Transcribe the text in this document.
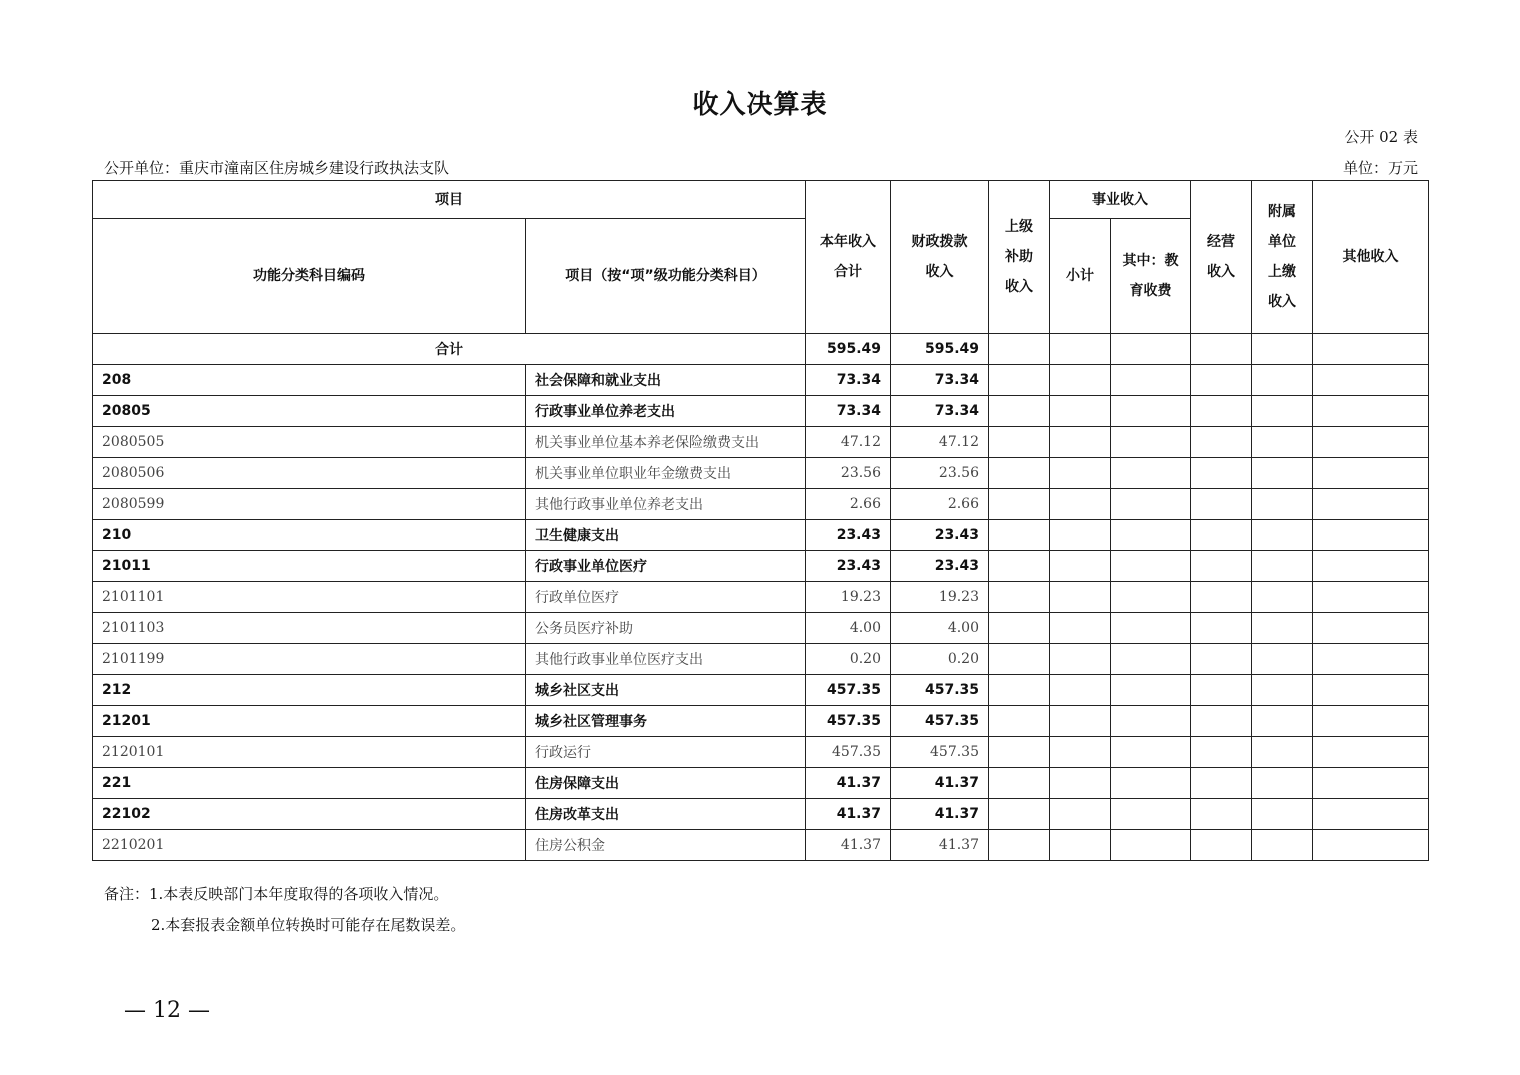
收入决算表
公开 02 表
公开单位：重庆市潼南区住房城乡建设行政执法支队	单位：万元
项目		本年收入合计	财政拨款收入	上级补助收入	事业收入		经营收入	附属单位上缴收入	其他收入
功能分类科目编码	项目（按“项”级功能分类科目）				小计	其中：教育收费			

合计		595.49	595.49						
208	社会保障和就业支出	73.34	73.34						
20805	行政事业单位养老支出	73.34	73.34						
2080505	机关事业单位基本养老保险缴费支出	47.12	47.12						
2080506	机关事业单位职业年金缴费支出	23.56	23.56						
2080599	其他行政事业单位养老支出	2.66	2.66						
210	卫生健康支出	23.43	23.43						
21011	行政事业单位医疗	23.43	23.43						
2101101	行政单位医疗	19.23	19.23						
2101103	公务员医疗补助	4.00	4.00						
2101199	其他行政事业单位医疗支出	0.20	0.20						
212	城乡社区支出	457.35	457.35						
21201	城乡社区管理事务	457.35	457.35						
2120101	行政运行	457.35	457.35						
221	住房保障支出	41.37	41.37						
22102	住房改革支出	41.37	41.37						
2210201	住房公积金	41.37	41.37						
备注：1.本表反映部门本年度取得的各项收入情况。
2.本套报表金额单位转换时可能存在尾数误差。
— 12 —
